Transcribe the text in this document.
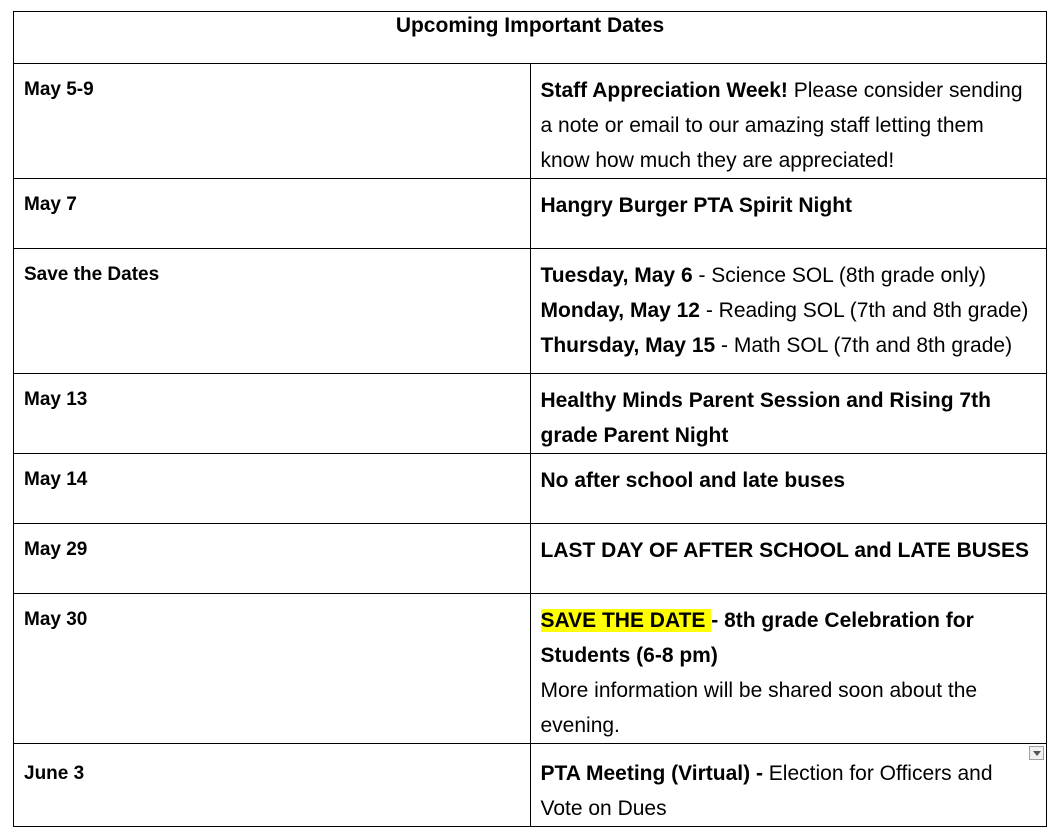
Upcoming Important Dates	
May 5-9	Staff Appreciation Week! Please consider sending a note or email to our amazing staff letting them know how much they are appreciated!
May 7	Hangry Burger PTA Spirit Night
Save the Dates	Tuesday, May 6 - Science SOL (8th grade only)
Monday, May 12 - Reading SOL (7th and 8th grade)
Thursday, May 15 - Math SOL (7th and 8th grade)

May 13	Healthy Minds Parent Session and Rising 7th grade Parent Night
May 14	No after school and late buses
May 29	LAST DAY OF AFTER SCHOOL and LATE BUSES
May 30	SAVE THE DATE - 8th grade Celebration for Students (6-8 pm)
More information will be shared soon about the evening.

June 3	PTA Meeting (Virtual) - Election for Officers and Vote on Dues
